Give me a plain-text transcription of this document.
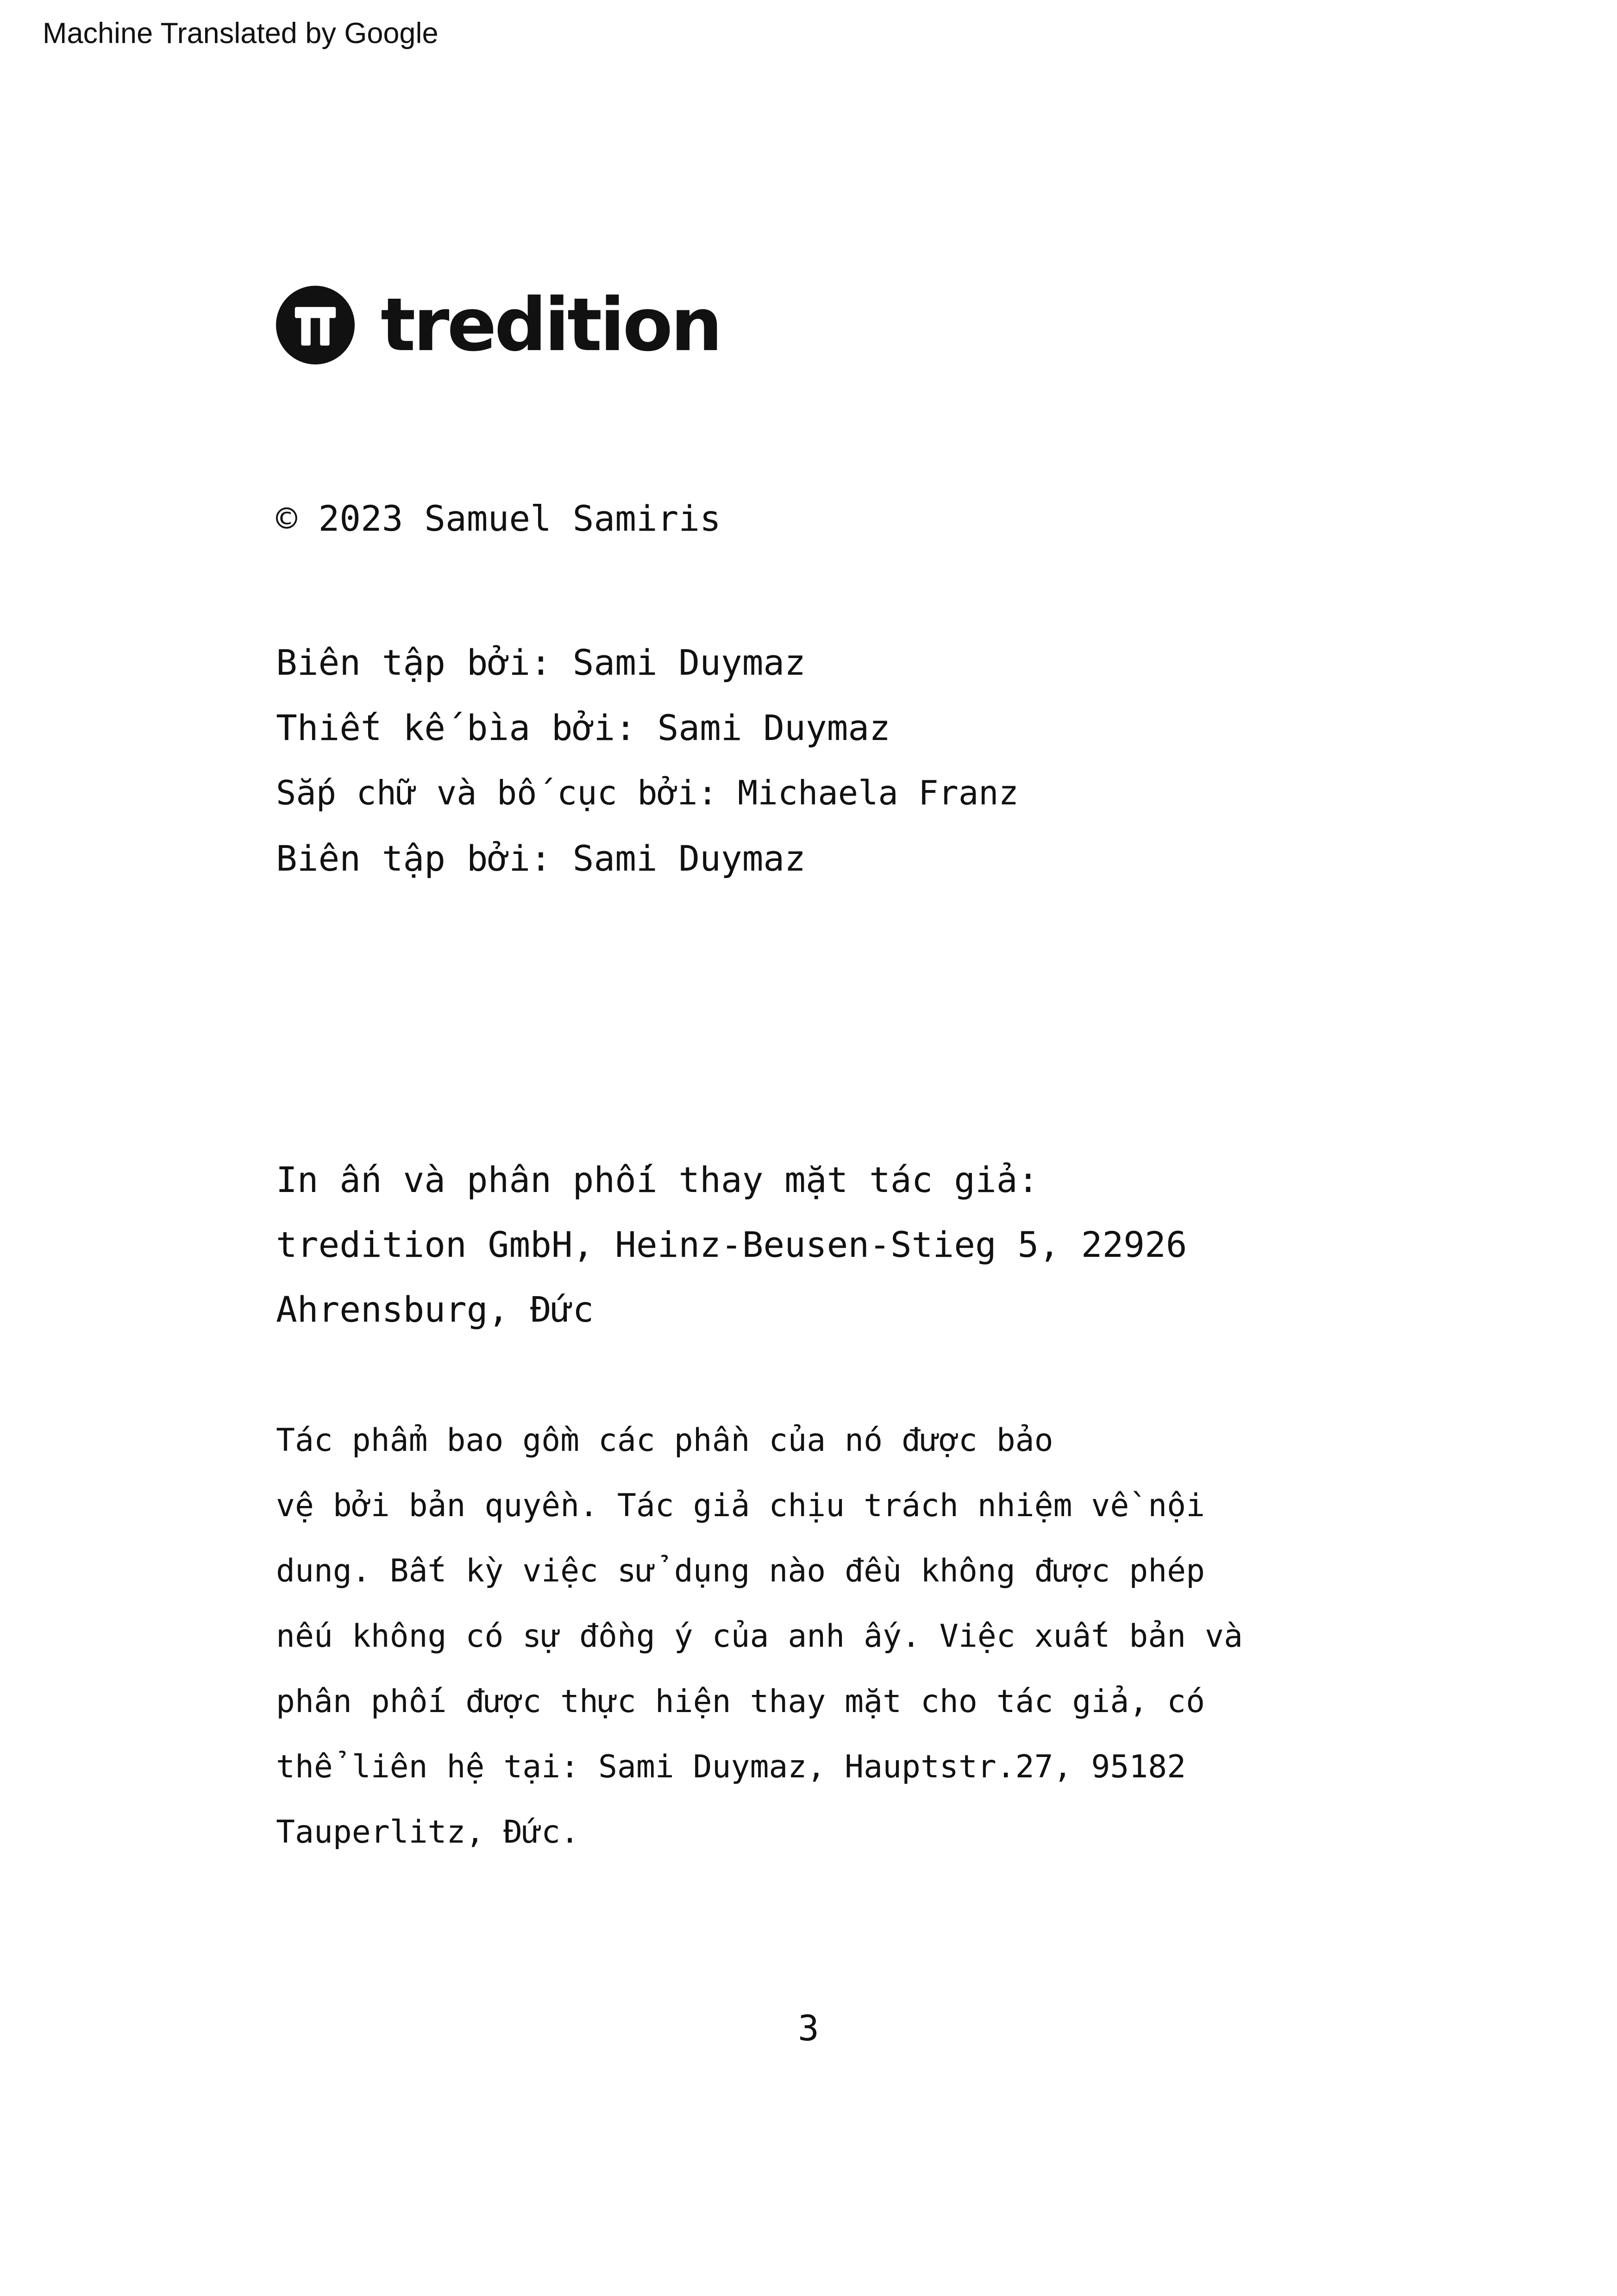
Machine Translated by Google
tredition
© 2023 Samuel Samiris
Biên tập bởi: Sami Duymaz
Thiết kế bìa bởi: Sami Duymaz
Sắp chữ và bố cục bởi: Michaela Franz
Biên tập bởi: Sami Duymaz
In ấn và phân phối thay mặt tác giả:
tredition GmbH, Heinz-Beusen-Stieg 5, 22926
Ahrensburg, Đức
Tác phẩm bao gồm các phần của nó được bảo
vệ bởi bản quyền. Tác giả chịu trách nhiệm về nội
dung. Bất kỳ việc sử dụng nào đều không được phép
nếu không có sự đồng ý của anh ấy. Việc xuất bản và
phân phối được thực hiện thay mặt cho tác giả, có
thể liên hệ tại: Sami Duymaz, Hauptstr.27, 95182
Tauperlitz, Đức.
3
